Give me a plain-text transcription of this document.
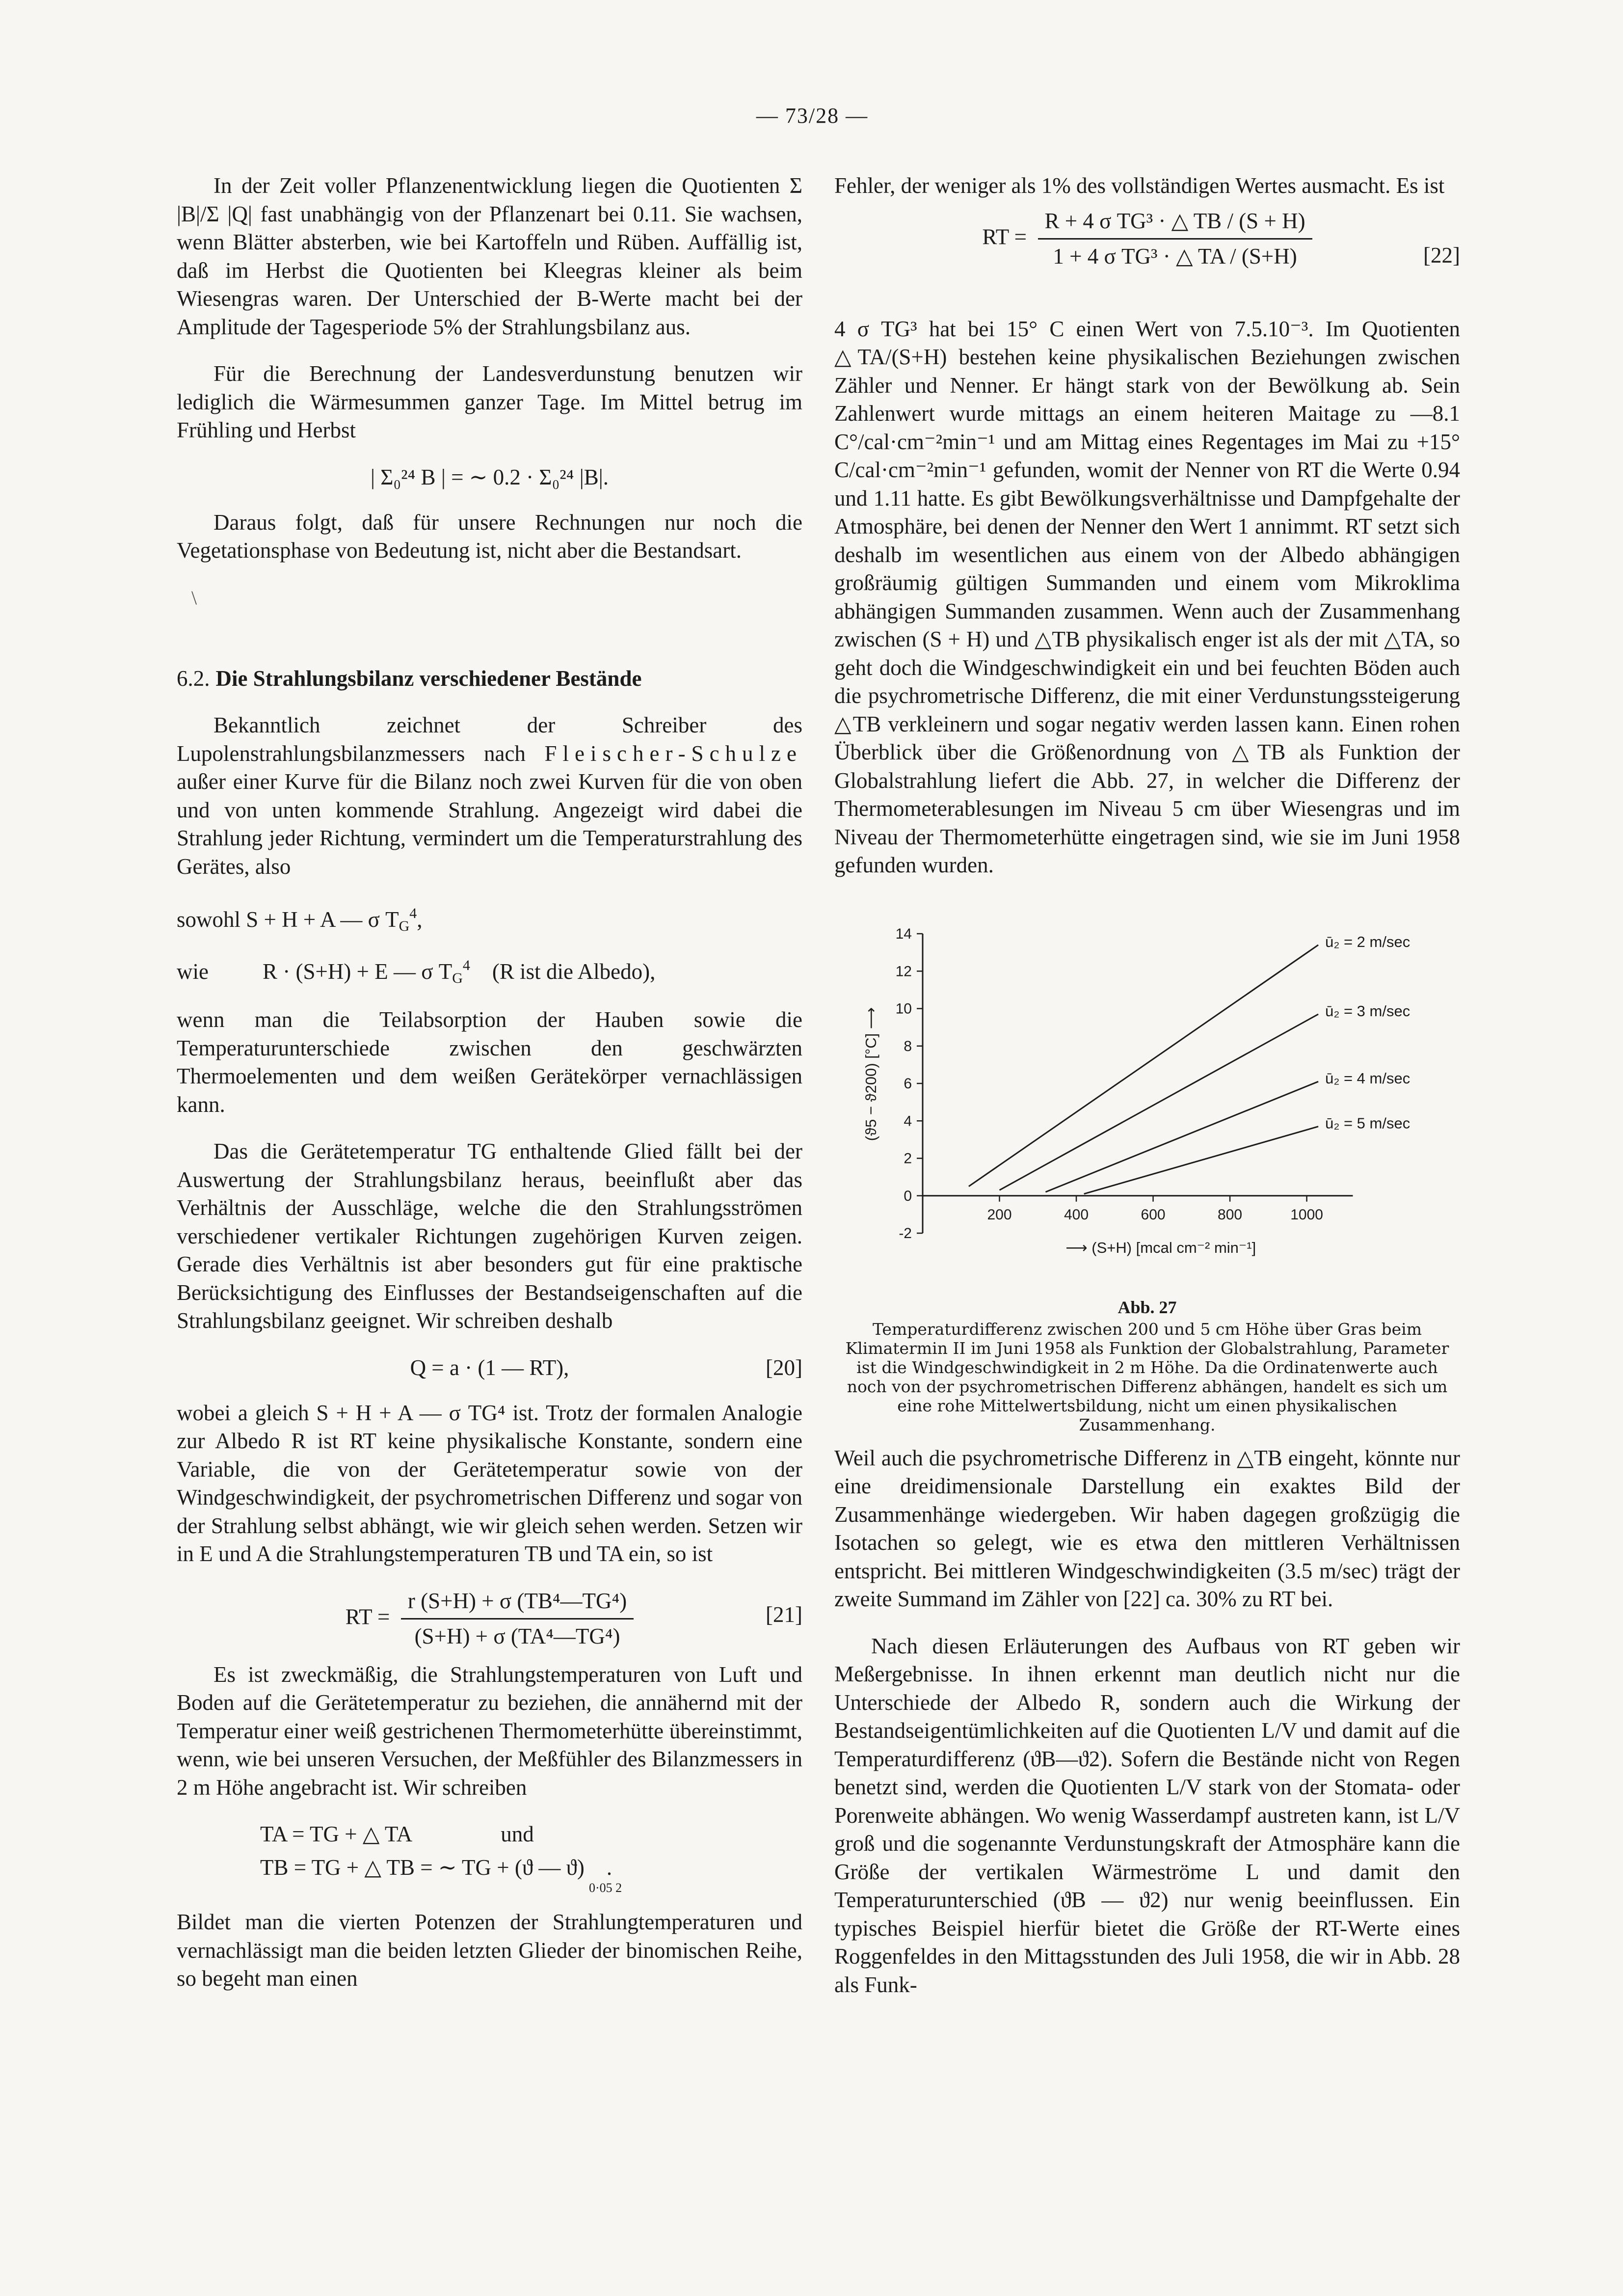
— 73/28 —

In der Zeit voller Pflanzenentwicklung liegen die Quotienten Σ |B|/Σ |Q| fast unabhängig von der Pflanzenart bei 0.11. Sie wachsen, wenn Blätter absterben, wie bei Kartoffeln und Rüben. Auffällig ist, daß im Herbst die Quotienten bei Kleegras kleiner als beim Wiesengras waren. Der Unterschied der B-Werte macht bei der Amplitude der Tagesperiode 5% der Strahlungsbilanz aus.

Für die Berechnung der Landesverdunstung benutzen wir lediglich die Wärmesummen ganzer Tage. Im Mittel betrug im Frühling und Herbst

| Σ₀²⁴ B | = ∼ 0.2 · Σ₀²⁴ |B|.

Daraus folgt, daß für unsere Rechnungen nur noch die Vegetationsphase von Bedeutung ist, nicht aber die Bestandsart.

\
6.2. Die Strahlungsbilanz verschiedener Bestände

Bekanntlich zeichnet der Schreiber des Lupolenstrahlungsbilanzmessers nach Fleischer-Schulze außer einer Kurve für die Bilanz noch zwei Kurven für die von oben und von unten kommende Strahlung. Angezeigt wird dabei die Strahlung jeder Richtung, vermindert um die Temperaturstrahlung des Gerätes, also

sowohl S + H + A — σ $T_G^4$,
wie R · (S+H) + E — σ $T_G^4$ (R ist die Albedo),

wenn man die Teilabsorption der Hauben sowie die Temperaturunterschiede zwischen den geschwärzten Thermoelementen und dem weißen Gerätekörper vernachlässigen kann.

Das die Gerätetemperatur TG enthaltende Glied fällt bei der Auswertung der Strahlungsbilanz heraus, beeinflußt aber das Verhältnis der Ausschläge, welche die den Strahlungsströmen verschiedener vertikaler Richtungen zugehörigen Kurven zeigen. Gerade dies Verhältnis ist aber besonders gut für eine praktische Berücksichtigung des Einflusses der Bestandseigenschaften auf die Strahlungsbilanz geeignet. Wir schreiben deshalb

Q = a · (1 — RT),	[20]

wobei a gleich S + H + A — σ TG⁴ ist. Trotz der formalen Analogie zur Albedo R ist RT keine physikalische Konstante, sondern eine Variable, die von der Gerätetemperatur sowie von der Windgeschwindigkeit, der psychrometrischen Differenz und sogar von der Strahlung selbst abhängt, wie wir gleich sehen werden. Setzen wir in E und A die Strahlungstemperaturen TB und TA ein, so ist

RT = $\frac{\text{r (S+H) + σ (TB⁴—TG⁴)}}{\text{(S+H) + σ (TA⁴—TG⁴)}}$	[21]

Es ist zweckmäßig, die Strahlungstemperaturen von Luft und Boden auf die Gerätetemperatur zu beziehen, die annähernd mit der Temperatur einer weiß gestrichenen Thermometerhütte übereinstimmt, wenn, wie bei unseren Versuchen, der Meßfühler des Bilanzmessers in 2 m Höhe angebracht ist. Wir schreiben

TA = TG + △ TA	und
TB = TG + △ TB = ∼ TG + (ϑ — ϑ)    .
0·05 2

Bildet man die vierten Potenzen der Strahlungtemperaturen und vernachlässigt man die beiden letzten Glieder der binomischen Reihe, so begeht man einen

Fehler, der weniger als 1% des vollständigen Wertes ausmacht. Es ist

RT = $\frac{\text{R + 4 σ TG³ · △ TB / (S + H)}}{\text{1 + 4 σ TG³ · △ TA / (S+H)}}$	[22]

4 σ TG³ hat bei 15° C einen Wert von 7.5.10⁻³. Im Quotienten △TA/(S+H) bestehen keine physikalischen Beziehungen zwischen Zähler und Nenner. Er hängt stark von der Bewölkung ab. Sein Zahlenwert wurde mittags an einem heiteren Maitage zu —8.1 C°/cal·cm⁻²min⁻¹ und am Mittag eines Regentages im Mai zu +15° C/cal·cm⁻²min⁻¹ gefunden, womit der Nenner von RT die Werte 0.94 und 1.11 hatte. Es gibt Bewölkungsverhältnisse und Dampfgehalte der Atmosphäre, bei denen der Nenner den Wert 1 annimmt. RT setzt sich deshalb im wesentlichen aus einem von der Albedo abhängigen großräumig gültigen Summanden und einem vom Mikroklima abhängigen Summanden zusammen. Wenn auch der Zusammenhang zwischen (S + H) und △TB physikalisch enger ist als der mit △TA, so geht doch die Windgeschwindigkeit ein und bei feuchten Böden auch die psychrometrische Differenz, die mit einer Verdunstungssteigerung △TB verkleinern und sogar negativ werden lassen kann. Einen rohen Überblick über die Größenordnung von △TB als Funktion der Globalstrahlung liefert die Abb. 27, in welcher die Differenz der Thermometerablesungen im Niveau 5 cm über Wiesengras und im Niveau der Thermometerhütte eingetragen sind, wie sie im Juni 1958 gefunden wurden.

-2
0
2
4
6
8
10
12
14
200	400	600	800	1000
⟶ (S+H) [mcal cm⁻² min⁻¹]
(ϑ5 − ϑ200) [°C] ⟶
ū₂ = 2 m/sec
ū₂ = 3 m/sec
ū₂ = 4 m/sec
ū₂ = 5 m/sec
Abb. 27
Temperaturdifferenz zwischen 200 und 5 cm Höhe über Gras beim Klimatermin II im Juni 1958 als Funktion der Globalstrahlung, Parameter ist die Windgeschwindigkeit in 2 m Höhe. Da die Ordinatenwerte auch noch von der psychrometrischen Differenz abhängen, handelt es sich um eine rohe Mittelwertsbildung, nicht um einen physikalischen Zusammenhang.

Weil auch die psychrometrische Differenz in △TB eingeht, könnte nur eine dreidimensionale Darstellung ein exaktes Bild der Zusammenhänge wiedergeben. Wir haben dagegen großzügig die Isotachen so gelegt, wie es etwa den mittleren Verhältnissen entspricht. Bei mittleren Windgeschwindigkeiten (3.5 m/sec) trägt der zweite Summand im Zähler von [22] ca. 30% zu RT bei.

Nach diesen Erläuterungen des Aufbaus von RT geben wir Meßergebnisse. In ihnen erkennt man deutlich nicht nur die Unterschiede der Albedo R, sondern auch die Wirkung der Bestandseigentümlichkeiten auf die Quotienten L/V und damit auf die Temperaturdifferenz (ϑB—ϑ2). Sofern die Bestände nicht von Regen benetzt sind, werden die Quotienten L/V stark von der Stomata- oder Porenweite abhängen. Wo wenig Wasserdampf austreten kann, ist L/V groß und die sogenannte Verdunstungskraft der Atmosphäre kann die Größe der vertikalen Wärmeströme L und damit den Temperaturunterschied (ϑB — ϑ2) nur wenig beeinflussen. Ein typisches Beispiel hierfür bietet die Größe der RT-Werte eines Roggenfeldes in den Mittagsstunden des Juli 1958, die wir in Abb. 28 als Funk-
